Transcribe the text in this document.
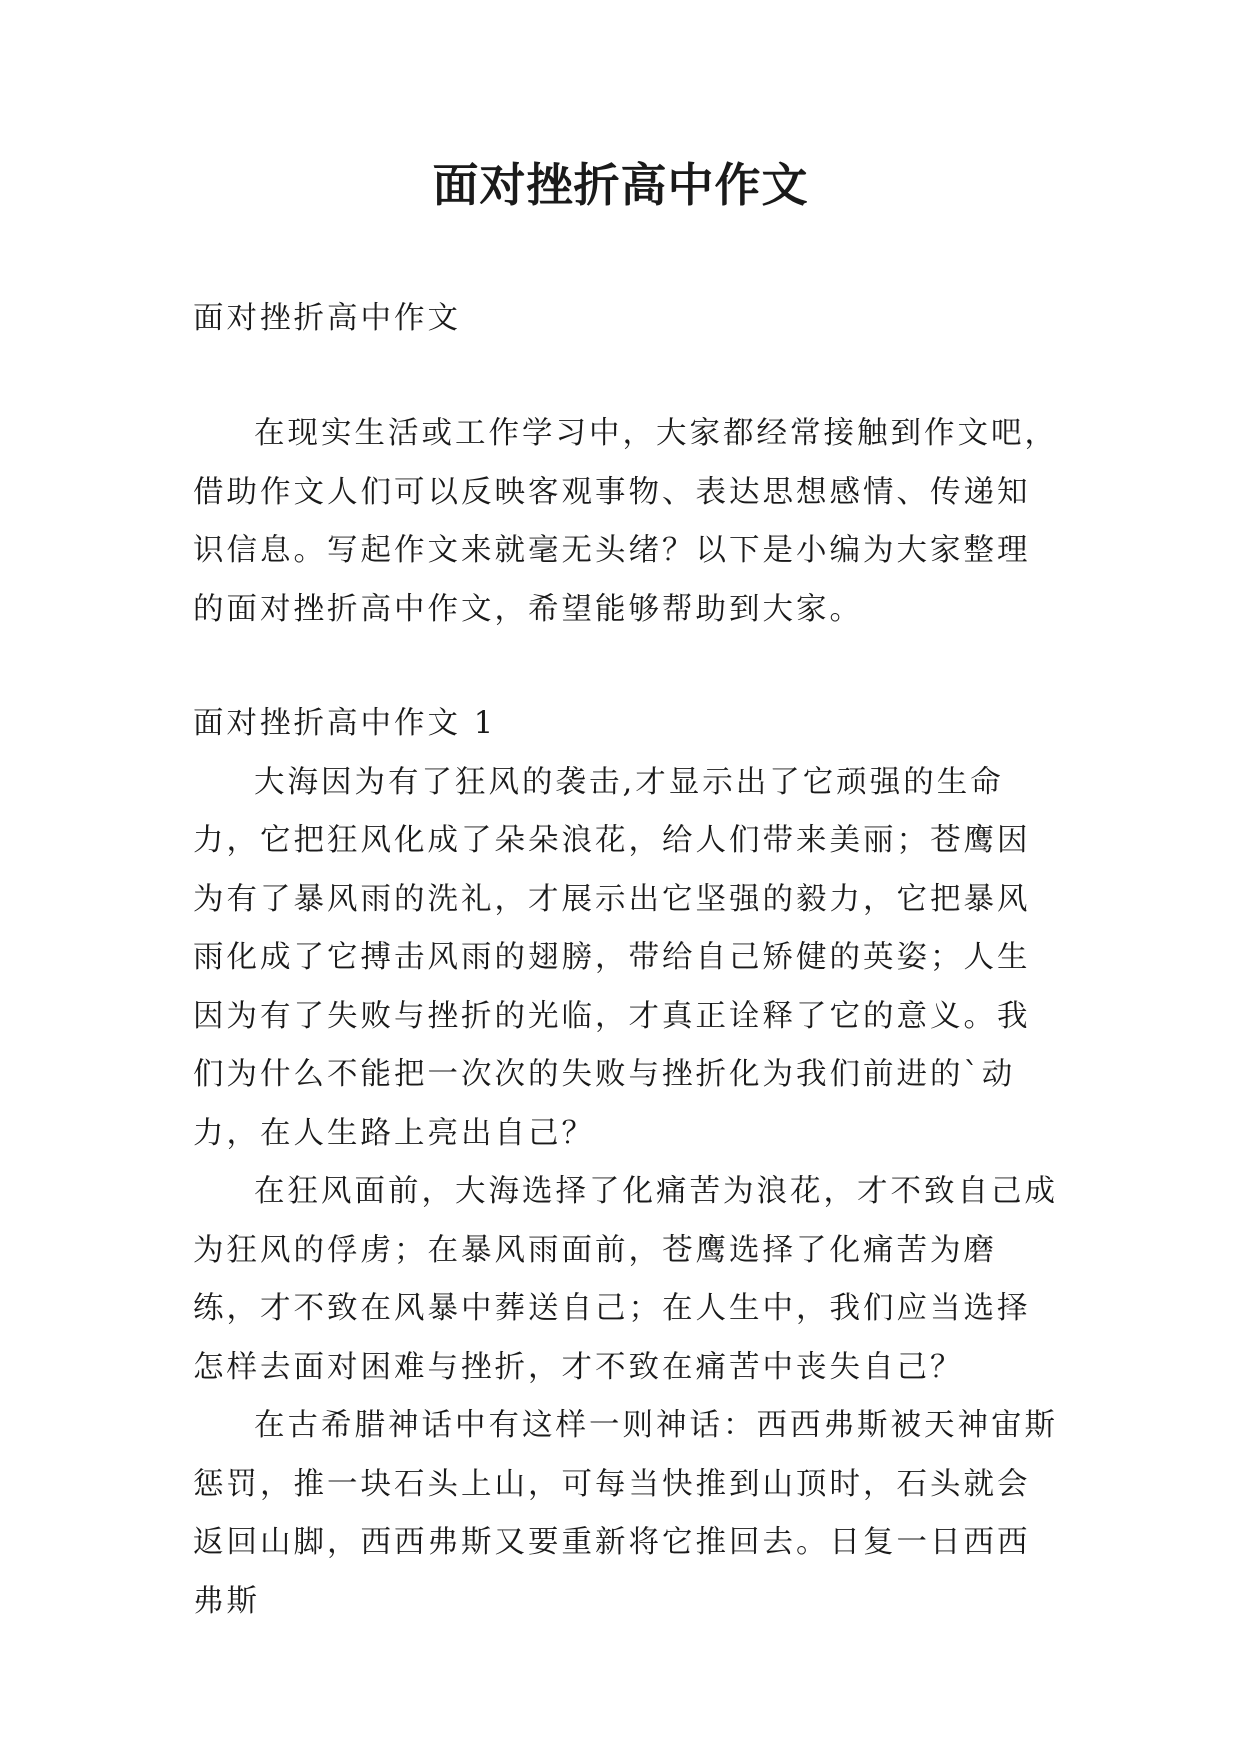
面对挫折高中作文

面对挫折高中作文

在现实生活或工作学习中，大家都经常接触到作文吧，借助作文人们可以反映客观事物、表达思想感情、传递知识信息。写起作文来就毫无头绪？以下是小编为大家整理的面对挫折高中作文，希望能够帮助到大家。

面对挫折高中作文 1

大海因为有了狂风的袭击,才显示出了它顽强的生命力，它把狂风化成了朵朵浪花，给人们带来美丽；苍鹰因为有了暴风雨的洗礼，才展示出它坚强的毅力，它把暴风雨化成了它搏击风雨的翅膀，带给自己矫健的英姿；人生因为有了失败与挫折的光临，才真正诠释了它的意义。我们为什么不能把一次次的失败与挫折化为我们前进的`动力，在人生路上亮出自己？

在狂风面前，大海选择了化痛苦为浪花，才不致自己成为狂风的俘虏；在暴风雨面前，苍鹰选择了化痛苦为磨练，才不致在风暴中葬送自己；在人生中，我们应当选择怎样去面对困难与挫折，才不致在痛苦中丧失自己？

在古希腊神话中有这样一则神话：西西弗斯被天神宙斯惩罚，推一块石头上山，可每当快推到山顶时，石头就会返回山脚，西西弗斯又要重新将它推回去。日复一日西西弗斯
